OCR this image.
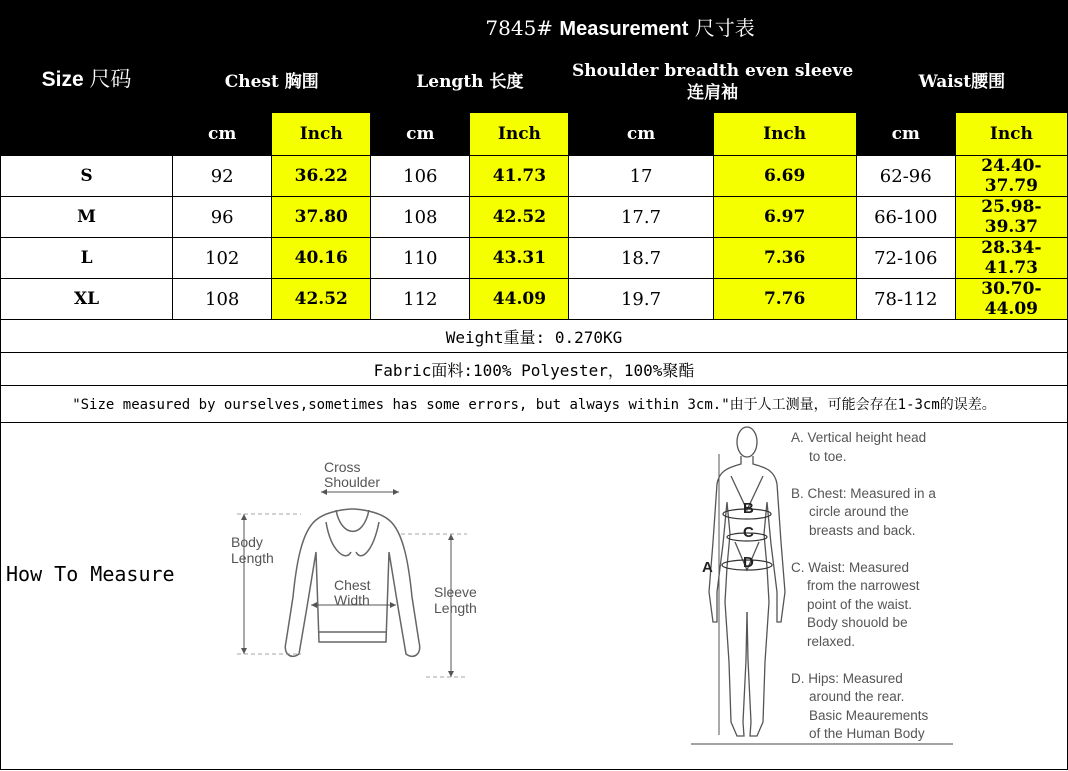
Size 尺码	7845# Measurement 尺寸表							
	Chest 胸围		Length 长度		Shoulder breadth even sleeve连肩袖		Waist腰围	
	cm	Inch	cm	Inch	cm	Inch	cm	Inch
S	92	36.22	106	41.73	17	6.69	62-96	24.40-37.79
M	96	37.80	108	42.52	17.7	6.97	66-100	25.98-39.37
L	102	40.16	110	43.31	18.7	7.36	72-106	28.34-41.73
XL	108	42.52	112	44.09	19.7	7.76	78-112	30.70-44.09
Weight重量: 0.270KG								
Fabric面料:100% Polyester，100%聚酯								
"Size measured by ourselves,sometimes has some errors, but always within 3cm."由于人工测量，可能会存在1-3cm的误差。								
How To Measure
Cross
Shoulder
Body
Length
Chest
Width	Sleeve
Length
B
C
D
A
A. Vertical height head
to toe.
B. Chest: Measured in a
circle around the
breasts and back.
C. Waist: Measured
from the narrowest
point of the waist.
Body shouold be
relaxed.
D. Hips: Measured
around the rear.
Basic Meaurements
of the Human Body
